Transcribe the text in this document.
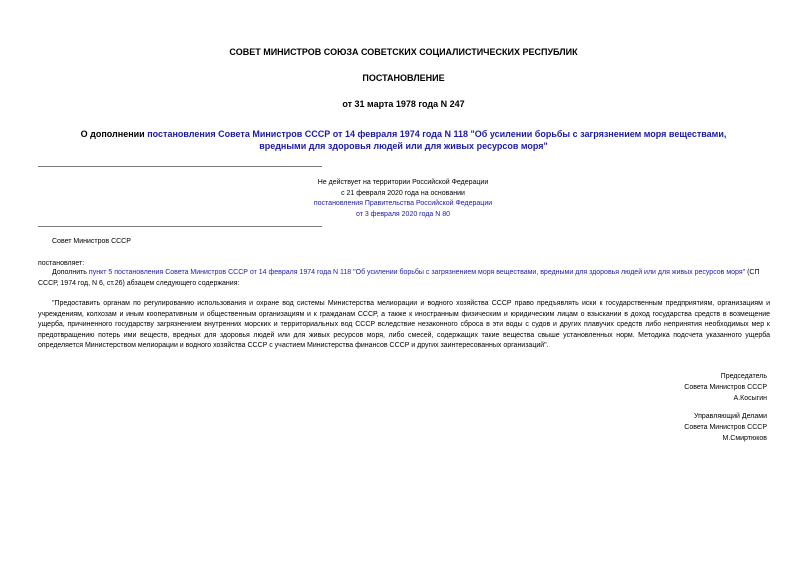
СОВЕТ МИНИСТРОВ СОЮЗА СОВЕТСКИХ СОЦИАЛИСТИЧЕСКИХ РЕСПУБЛИК
ПОСТАНОВЛЕНИЕ
от 31 марта 1978 года N 247
О дополнении постановления Совета Министров СССР от 14 февраля 1974 года N 118 "Об усилении борьбы с загрязнением моря веществами, вредными для здоровья людей или для живых ресурсов моря"
Не действует на территории Российской Федерации
с 21 февраля 2020 года на основании
постановления Правительства Российской Федерации
от 3 февраля 2020 года N 80
Совет Министров СССР
постановляет:
Дополнить пункт 5 постановления Совета Министров СССР от 14 февраля 1974 года N 118 "Об усилении борьбы с загрязнением моря веществами, вредными для здоровья людей или для живых ресурсов моря" (СП СССР, 1974 год, N 6, ст.26) абзацем следующего содержания:
"Предоставить органам по регулированию использования и охране вод системы Министерства мелиорации и водного хозяйства СССР право предъявлять иски к государственным предприятиям, организациям и учреждениям, колхозам и иным кооперативным и общественным организациям и к гражданам СССР, а также к иностранным физическим и юридическим лицам о взыскании в доход государства средств в возмещение ущерба, причиненного государству загрязнением внутренних морских и территориальных вод СССР вследствие незаконного сброса в эти воды с судов и других плавучих средств либо непринятия необходимых мер к предотвращению потерь ими веществ, вредных для здоровья людей или для живых ресурсов моря, либо смесей, содержащих такие вещества свыше установленных норм. Методика подсчета указанного ущерба определяется Министерством мелиорации и водного хозяйства СССР с участием Министерства финансов СССР и других заинтересованных организаций".
Председатель
Совета Министров СССР
А.Косыгин
Управляющий Делами
Совета Министров СССР
М.Смиртюков
